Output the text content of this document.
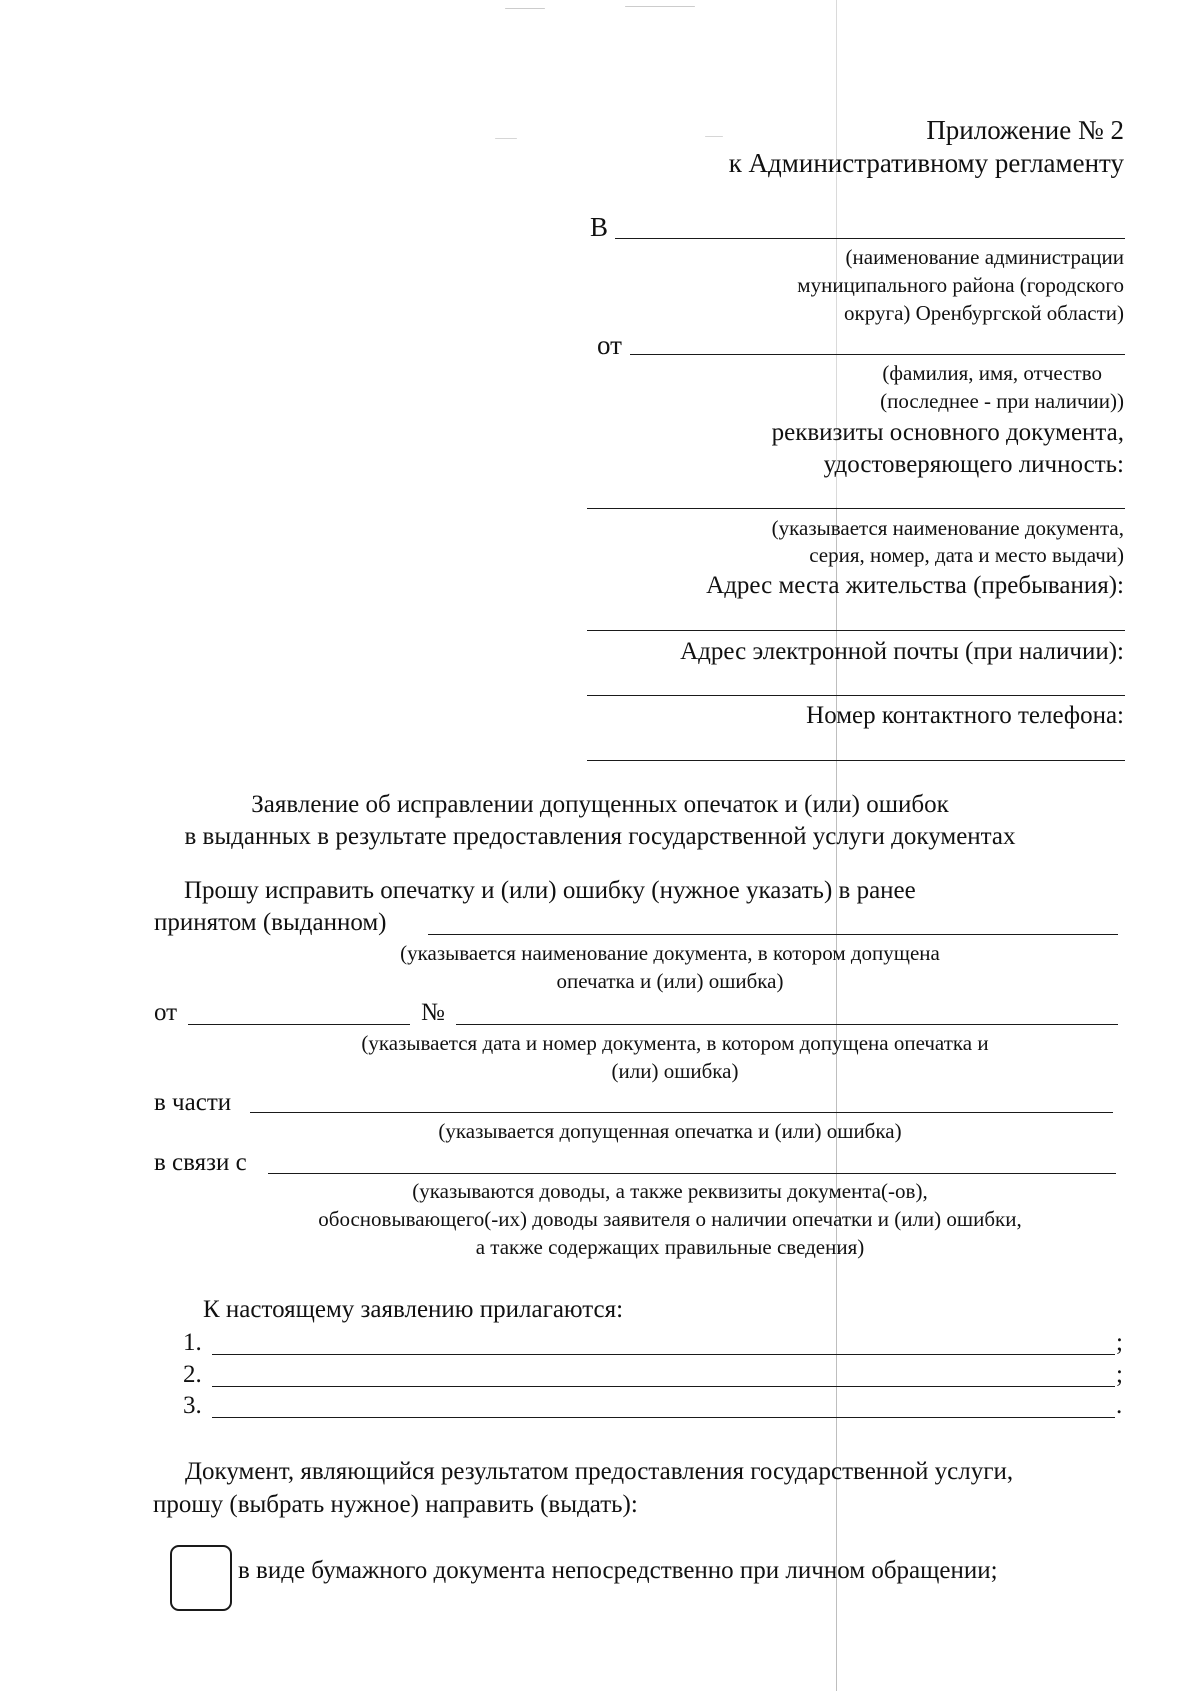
Приложение № 2
к Административному регламенту
В
(наименование администрации
муниципального района (городского
округа) Оренбургской области)
от
(фамилия, имя, отчество
(последнее - при наличии))
реквизиты основного документа,
удостоверяющего личность:
(указывается наименование документа,
серия, номер, дата и место выдачи)
Адрес места жительства (пребывания):
Адрес электронной почты (при наличии):
Номер контактного телефона:
Заявление об исправлении допущенных опечаток и (или) ошибок
в выданных в результате предоставления государственной услуги документах
Прошу исправить опечатку и (или) ошибку (нужное указать) в ранее
принятом (выданном)
(указывается наименование документа, в котором допущена
опечатка и (или) ошибка)
от	№
(указывается дата и номер документа, в котором допущена опечатка и
(или) ошибка)
в части
(указывается допущенная опечатка и (или) ошибка)
в связи с
(указываются доводы, а также реквизиты документа(-ов),
обосновывающего(-их) доводы заявителя о наличии опечатки и (или) ошибки,
а также содержащих правильные сведения)
К настоящему заявлению прилагаются:
1.	;
2.	;
3.	.
Документ, являющийся результатом предоставления государственной услуги,
прошу (выбрать нужное) направить (выдать):
в виде бумажного документа непосредственно при личном обращении;
